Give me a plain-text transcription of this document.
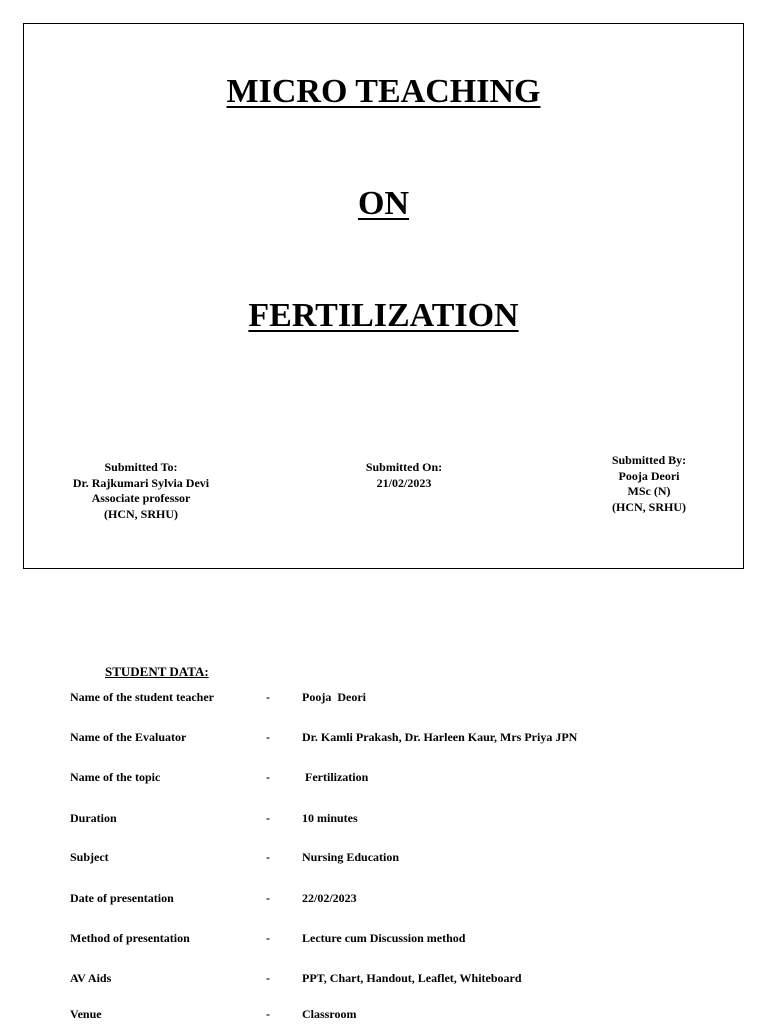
MICRO TEACHING
ON
FERTILIZATION
Submitted To:
Dr. Rajkumari Sylvia Devi
Associate professor
(HCN, SRHU)
Submitted On:
21/02/2023
Submitted By:
Pooja Deori
MSc (N)
(HCN, SRHU)
STUDENT DATA:
Name of the student teacher	-	Pooja  Deori
Name of the Evaluator	-	Dr. Kamli Prakash, Dr. Harleen Kaur, Mrs Priya JPN
Name of the topic	-	Fertilization
Duration	-	10 minutes
Subject	-	Nursing Education
Date of presentation	-	22/02/2023
Method of presentation	-	Lecture cum Discussion method
AV Aids	-	PPT, Chart, Handout, Leaflet, Whiteboard
Venue	-	Classroom
